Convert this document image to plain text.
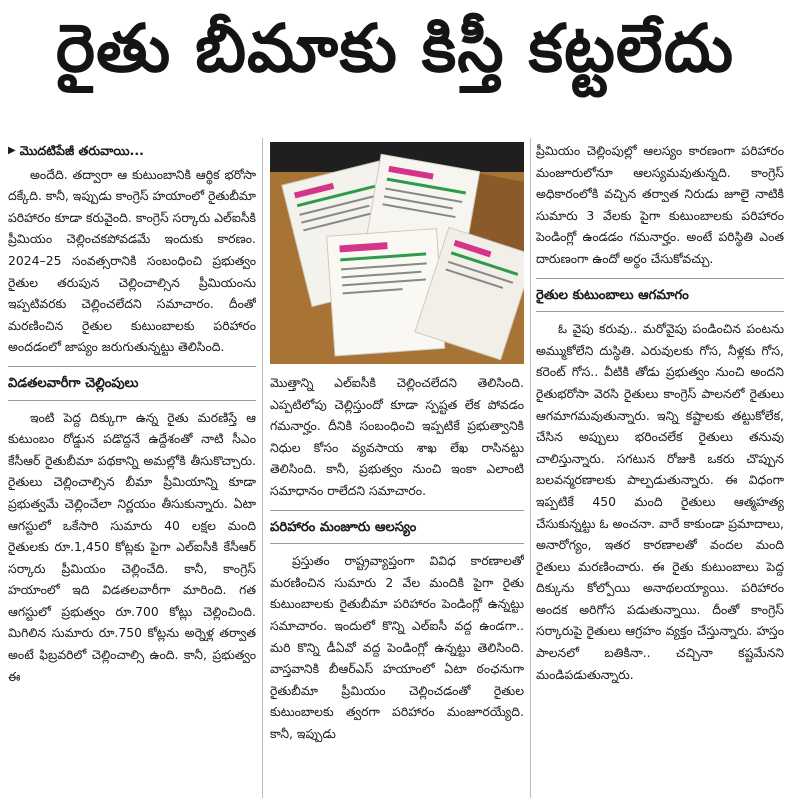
రైతు బీమాకు కిస్తీ కట్టలేదు
▶ మొదటిపేజీ తరువాయి...

అందేది. తద్వారా ఆ కుటుంబానికి ఆర్థిక భరోసా దక్కేది. కానీ, ఇప్పుడు కాంగ్రెస్ హయాంలో రైతుబీమా పరిహారం కూడా కరువైంది. కాంగ్రెస్ సర్కారు ఎల్ఐసీకి ప్రీమియం చెల్లించకపోవడమే ఇందుకు కారణం. 2024–25 సంవత్సరానికి సంబంధించి ప్రభుత్వం రైతుల తరుపున చెల్లించాల్సిన ప్రీమియంను ఇప్పటివరకు చెల్లించలేదని సమాచారం. దీంతో మరణించిన రైతుల కుటుంబాలకు పరిహారం అందడంలో జాప్యం జరుగుతున్నట్టు తెలిసింది.

విడతలవారీగా చెల్లింపులు

ఇంటి పెద్ద దిక్కుగా ఉన్న రైతు మరణిస్తే ఆ కుటుంబం రోడ్డున పడొద్దనే ఉద్దేశంతో నాటి సీఎం కేసీఆర్ రైతుబీమా పథకాన్ని అమల్లోకి తీసుకొచ్చారు. రైతులు చెల్లించాల్సిన బీమా ప్రీమియాన్ని కూడా ప్రభుత్వమే చెల్లించేలా నిర్ణయం తీసుకున్నారు. ఏటా ఆగస్టులో ఒకేసారి సుమారు 40 లక్షల మంది రైతులకు రూ.1,450 కోట్లకు పైగా ఎల్ఐసీకి కేసీఆర్ సర్కారు ప్రీమియం చెల్లించేది. కానీ, కాంగ్రెస్ హయాంలో ఇది విడతలవారీగా మారింది. గత ఆగస్టులో ప్రభుత్వం రూ.700 కోట్లు చెల్లించింది. మిగిలిన సుమారు రూ.750 కోట్లను అర్నెళ్ల తర్వాత అంటే ఫిబ్రవరిలో చెల్లించాల్సి ఉంది. కానీ, ప్రభుత్వం ఈ

మొత్తాన్ని ఎల్ఐసీకి చెల్లించలేదని తెలిసింది. ఎప్పటిలోపు చెల్లిస్తుందో కూడా స్పష్టత లేక పోవడం గమనార్హం. దీనికి సంబంధించి ఇప్పటికే ప్రభుత్వానికి నిధుల కోసం వ్యవసాయ శాఖ లేఖ రాసినట్టు తెలిసింది. కానీ, ప్రభుత్వం నుంచి ఇంకా ఎలాంటి సమాధానం రాలేదని సమాచారం.

పరిహారం మంజూరు ఆలస్యం

ప్రస్తుతం రాష్ట్రవ్యాప్తంగా వివిధ కారణాలతో మరణించిన సుమారు 2 వేల మందికి పైగా రైతు కుటుంబాలకు రైతుబీమా పరిహారం పెండింగ్లో ఉన్నట్టు సమాచారం. ఇందులో కొన్ని ఎల్ఐసీ వద్ద ఉండగా.. మరి కొన్ని డీఏవో వద్ద పెండింగ్లో ఉన్నట్టు తెలిసింది. వాస్తవానికి బీఆర్ఎస్ హయాంలో ఏటా ఠంఛనుగా రైతుబీమా ప్రీమియం చెల్లించడంతో రైతుల కుటుంబాలకు త్వరగా పరిహారం మంజూరయ్యేది. కానీ, ఇప్పుడు

ప్రీమియం చెల్లింపుల్లో ఆలస్యం కారణంగా పరిహారం మంజూరులోనూ ఆలస్యమవుతున్నది. కాంగ్రెస్ అధికారంలోకి వచ్చిన తర్వాత నిరుడు జూలై నాటికి సుమారు 3 వేలకు పైగా కుటుంబాలకు పరిహారం పెండింగ్లో ఉండడం గమనార్హం. అంటే పరిస్థితి ఎంత దారుణంగా ఉందో అర్థం చేసుకోవచ్చు.

రైతుల కుటుంబాలు ఆగమాగం

ఓ వైపు కరువు.. మరోవైపు పండించిన పంటను అమ్ముకోలేని దుస్థితి. ఎరువులకు గోస, నీళ్లకు గోస, కరెంట్ గోస.. వీటికి తోడు ప్రభుత్వం నుంచి అందని రైతుభరోసా వెరసి రైతులు కాంగ్రెస్ పాలనలో రైతులు ఆగమాగమవుతున్నారు. ఇన్ని కష్టాలకు తట్టుకోలేక, చేసిన అప్పులు భరించలేక రైతులు తనువు చాలిస్తున్నారు. సగటున రోజుకి ఒకరు చొప్పున బలవన్మరణాలకు పాల్పడుతున్నారు. ఈ విధంగా ఇప్పటికే 450 మంది రైతులు ఆత్మహత్య చేసుకున్నట్టు ఓ అంచనా. వారే కాకుండా ప్రమాదాలు, అనారోగ్యం, ఇతర కారణాలతో వందల మంది రైతులు మరణించారు. ఈ రైతు కుటుంబాలు పెద్ద దిక్కును కోల్పోయి అనాథలయ్యాయి. పరిహారం అందక అరిగోస పడుతున్నాయి. దీంతో కాంగ్రెస్ సర్కారుపై రైతులు ఆగ్రహం వ్యక్తం చేస్తున్నారు. హస్తం పాలనలో బతికినా.. చచ్చినా కష్టమేనని మండిపడుతున్నారు.
